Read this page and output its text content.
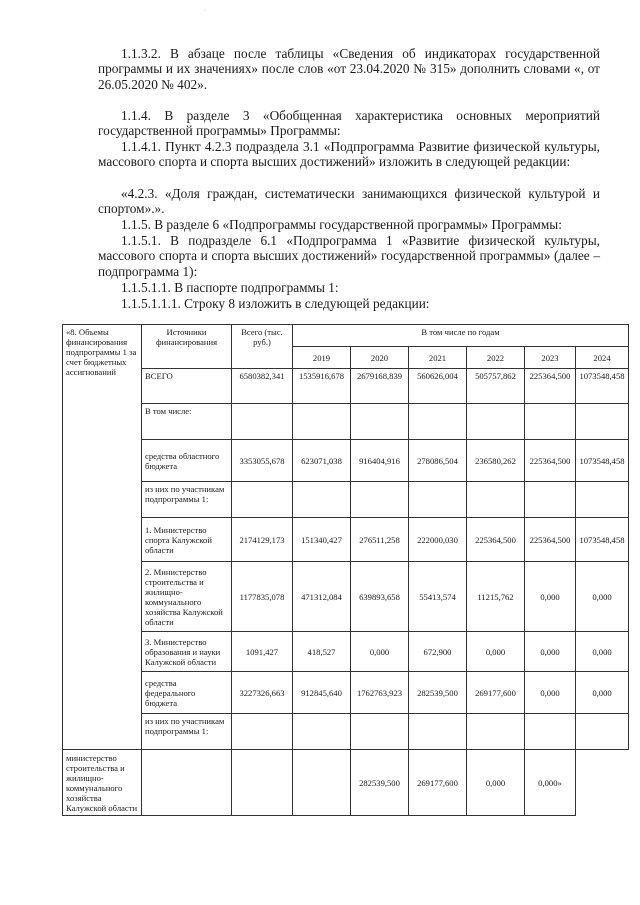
·

1.1.3.2. В абзаце после таблицы «Сведения об индикаторах государственной программы и их значениях» после слов «от 23.04.2020 № 315» дополнить словами «, от 26.05.2020 № 402».

1.1.4. В разделе 3 «Обобщенная характеристика основных мероприятий государственной программы» Программы:

1.1.4.1. Пункт 4.2.3 подраздела 3.1 «Подпрограмма Развитие физической культуры, массового спорта и спорта высших достижений» изложить в следующей редакции:

«4.2.3. «Доля граждан, систематически занимающихся физической культурой и спортом».».

1.1.5. В разделе 6 «Подпрограммы государственной программы» Программы:

1.1.5.1. В подразделе 6.1 «Подпрограмма 1 «Развитие физической культуры, массового спорта и спорта высших достижений» государственной программы» (далее – подпрограмма 1):

1.1.5.1.1. В паспорте подпрограммы 1:

1.1.5.1.1.1. Строку 8 изложить в следующей редакции:

«8. Объемы финансирования подпрограммы 1 за счет бюджетных ассигнований	Источники финансирования	Всего (тыс. руб.)	В том числе по годам					
			2019	2020	2021	2022	2023	2024
	ВСЕГО	6580382,341	1535916,678	2679168,839	560626,004	505757,862	225364,500	1073548,458
	В том числе:							
	средства областного бюджета	3353055,678	623071,038	916404,916	278086,504	236580,262	225364,500	1073548,458
	из них по участникам подпрограммы 1:							
	1. Министерство спорта Калужской области	2174129,173	151340,427	276511,258	222000,030	225364,500	225364,500	1073548,458
	2. Министерство строительства и жилищно-коммунального хозяйства Калужской области	1177835,078	471312,084	639893,658	55413,574	11215,762	0,000	0,000
	3. Министерство образования и науки Калужской области	1091,427	418,527	0,000	672,900	0,000	0,000	0,000
	средства федерального бюджета	3227326,663	912845,640	1762763,923	282539,500	269177,600	0,000	0,000
	из них по участникам подпрограммы 1:							
министерство строительства и жилищно-коммунального хозяйства Калужской области				282539,500	269177,600	0,000	0,000»	
